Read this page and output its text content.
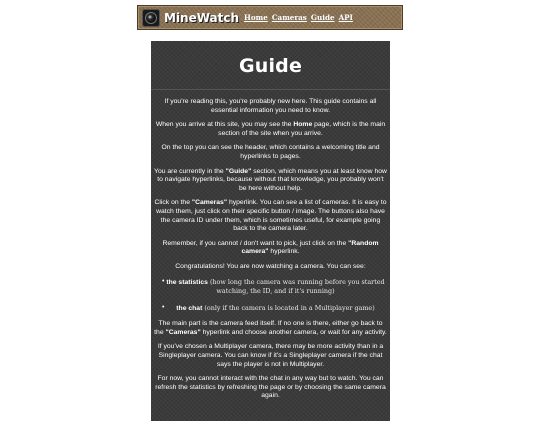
MineWatch Home Cameras Guide API
Guide

If you're reading this, you're probably new here. This guide contains all essential information you need to know.

When you arrive at this site, you may see the Home page, which is the main section of the site when you arrive.

On the top you can see the header, which contains a welcoming title and hyperlinks to pages.

You are currently in the "Guide" section, which means you at least know how to navigate hyperlinks, because without that knowledge, you probably won't be here without help.

Click on the "Cameras" hyperlink. You can see a list of cameras. It is easy to watch them, just click on their specific button / image. The buttons also have the camera ID under them, which is sometimes useful, for example going back to the camera later.

Remember, if you cannot / don't want to pick, just click on the "Random camera" hyperlink.

Congratulations! You are now watching a camera. You can see:

• the statistics (how long the camera was running before you started watching, the ID, and if it's running)
• the chat (only if the camera is located in a Multiplayer game)

The main part is the camera feed itself. If no one is there, either go back to the "Cameras" hyperlink and choose another camera, or wait for any activity.

If you've chosen a Multiplayer camera, there may be more activity than in a Singleplayer camera. You can know if it's a Singleplayer camera if the chat says the player is not in Multiplayer.

For now, you cannot interact with the chat in any way but to watch. You can refresh the statistics by refreshing the page or by choosing the same camera again.
